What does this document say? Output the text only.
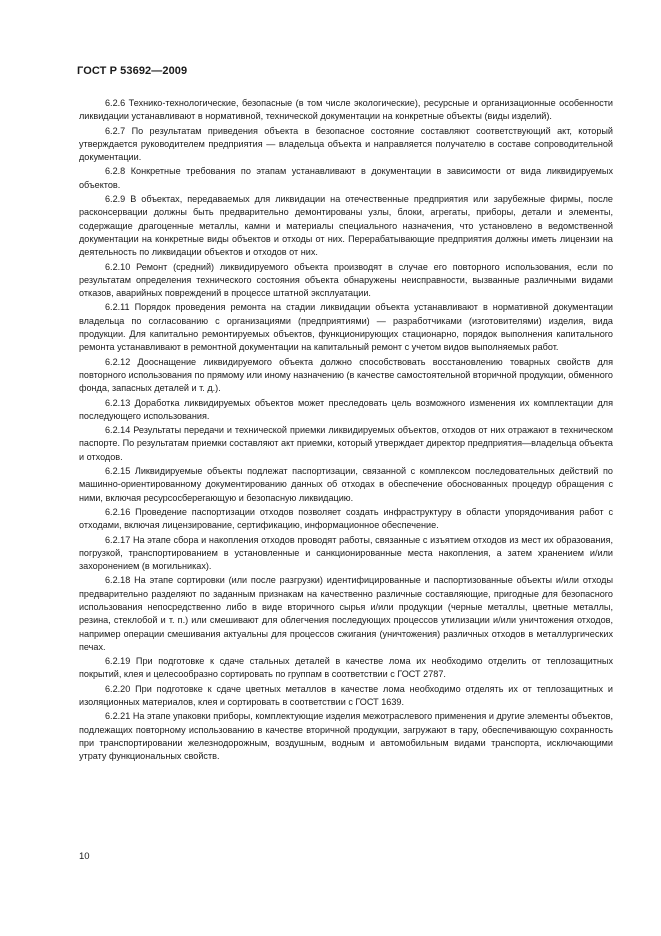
ГОСТ Р 53692—2009

6.2.6 Технико-технологические, безопасные (в том числе экологические), ресурсные и организационные особенности ликвидации устанавливают в нормативной, технической документации на конкретные объекты (виды изделий).

6.2.7 По результатам приведения объекта в безопасное состояние составляют соответствующий акт, который утверждается руководителем предприятия — владельца объекта и направляется получателю в составе сопроводительной документации.

6.2.8 Конкретные требования по этапам устанавливают в документации в зависимости от вида ликвидируемых объектов.

6.2.9 В объектах, передаваемых для ликвидации на отечественные предприятия или зарубежные фирмы, после расконсервации должны быть предварительно демонтированы узлы, блоки, агрегаты, приборы, детали и элементы, содержащие драгоценные металлы, камни и материалы специального назначения, что установлено в ведомственной документации на конкретные виды объектов и отходы от них. Перерабатывающие предприятия должны иметь лицензии на деятельность по ликвидации объектов и отходов от них.

6.2.10 Ремонт (средний) ликвидируемого объекта производят в случае его повторного использования, если по результатам определения технического состояния объекта обнаружены неисправности, вызванные различными видами отказов, аварийных повреждений в процессе штатной эксплуатации.

6.2.11 Порядок проведения ремонта на стадии ликвидации объекта устанавливают в нормативной документации владельца по согласованию с организациями (предприятиями) — разработчиками (изготовителями) изделия, вида продукции. Для капитально ремонтируемых объектов, функционирующих стационарно, порядок выполнения капитального ремонта устанавливают в ремонтной документации на капитальный ремонт с учетом видов выполняемых работ.

6.2.12 Дооснащение ликвидируемого объекта должно способствовать восстановлению товарных свойств для повторного использования по прямому или иному назначению (в качестве самостоятельной вторичной продукции, обменного фонда, запасных деталей и т. д.).

6.2.13 Доработка ликвидируемых объектов может преследовать цель возможного изменения их комплектации для последующего использования.

6.2.14 Результаты передачи и технической приемки ликвидируемых объектов, отходов от них отражают в техническом паспорте. По результатам приемки составляют акт приемки, который утверждает директор предприятия—владельца объекта и отходов.

6.2.15 Ликвидируемые объекты подлежат паспортизации, связанной с комплексом последовательных действий по машинно-ориентированному документированию данных об отходах в обеспечение обоснованных процедур обращения с ними, включая ресурсосберегающую и безопасную ликвидацию.

6.2.16 Проведение паспортизации отходов позволяет создать инфраструктуру в области упорядочивания работ с отходами, включая лицензирование, сертификацию, информационное обеспечение.

6.2.17 На этапе сбора и накопления отходов проводят работы, связанные с изъятием отходов из мест их образования, погрузкой, транспортированием в установленные и санкционированные места накопления, а затем хранением и/или захоронением (в могильниках).

6.2.18 На этапе сортировки (или после разгрузки) идентифицированные и паспортизованные объекты и/или отходы предварительно разделяют по заданным признакам на качественно различные составляющие, пригодные для безопасного использования непосредственно либо в виде вторичного сырья и/или продукции (черные металлы, цветные металлы, резина, стеклобой и т. п.) или смешивают для облегчения последующих процессов утилизации и/или уничтожения отходов, например операции смешивания актуальны для процессов сжигания (уничтожения) различных отходов в металлургических печах.

6.2.19 При подготовке к сдаче стальных деталей в качестве лома их необходимо отделить от теплозащитных покрытий, клея и целесообразно сортировать по группам в соответствии с ГОСТ 2787.

6.2.20 При подготовке к сдаче цветных металлов в качестве лома необходимо отделять их от теплозащитных и изоляционных материалов, клея и сортировать в соответствии с ГОСТ 1639.

6.2.21 На этапе упаковки приборы, комплектующие изделия межотраслевого применения и другие элементы объектов, подлежащих повторному использованию в качестве вторичной продукции, загружают в тару, обеспечивающую сохранность при транспортировании железнодорожным, воздушным, водным и автомобильным видами транспорта, исключающими утрату функциональных свойств.

10
